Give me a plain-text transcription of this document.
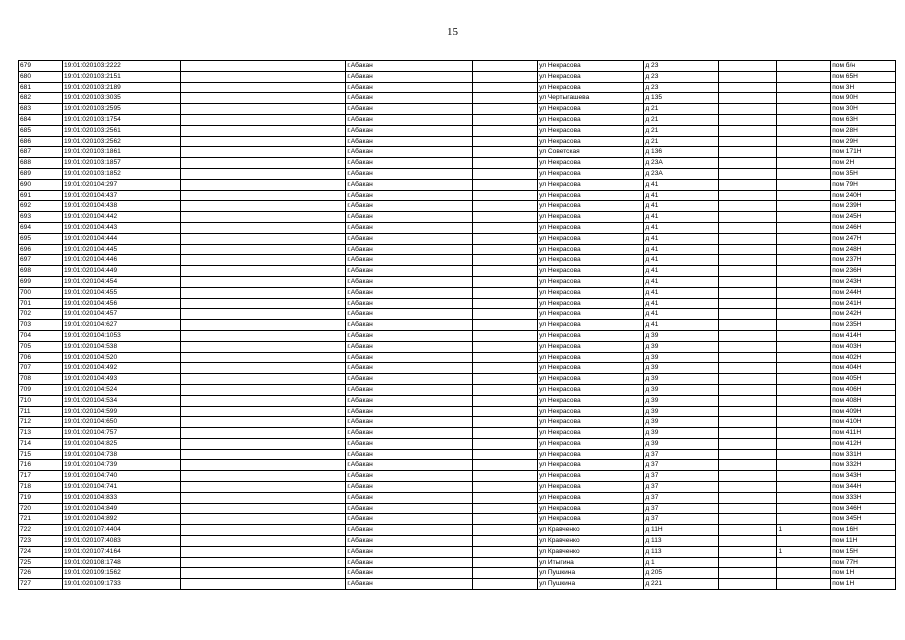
15
679	19:01:020103:2222		г.Абакан		ул Некрасова	д 23			пом б/н
680	19:01:020103:2151		г.Абакан		ул Некрасова	д 23			пом 65Н
681	19:01:020103:2189		г.Абакан		ул Некрасова	д 23			пом 3Н
682	19:01:020103:3035		г.Абакан		ул Чертыгашева	д 135			пом 90Н
683	19:01:020103:2595		г.Абакан		ул Некрасова	д 21			пом 30Н
684	19:01:020103:1754		г.Абакан		ул Некрасова	д 21			пом 63Н
685	19:01:020103:2561		г.Абакан		ул Некрасова	д 21			пом 28Н
686	19:01:020103:2562		г.Абакан		ул Некрасова	д 21			пом 29Н
687	19:01:020103:1861		г.Абакан		ул Советская	д 136			пом 171Н
688	19:01:020103:1857		г.Абакан		ул Некрасова	д 23А			пом 2Н
689	19:01:020103:1852		г.Абакан		ул Некрасова	д 23А			пом 35Н
690	19:01:020104:297		г.Абакан		ул Некрасова	д 41			пом 79Н
691	19:01:020104:437		г.Абакан		ул Некрасова	д 41			пом 240Н
692	19:01:020104:438		г.Абакан		ул Некрасова	д 41			пом 239Н
693	19:01:020104:442		г.Абакан		ул Некрасова	д 41			пом 245Н
694	19:01:020104:443		г.Абакан		ул Некрасова	д 41			пом 246Н
695	19:01:020104:444		г.Абакан		ул Некрасова	д 41			пом 247Н
696	19:01:020104:445		г.Абакан		ул Некрасова	д 41			пом 248Н
697	19:01:020104:446		г.Абакан		ул Некрасова	д 41			пом 237Н
698	19:01:020104:449		г.Абакан		ул Некрасова	д 41			пом 236Н
699	19:01:020104:454		г.Абакан		ул Некрасова	д 41			пом 243Н
700	19:01:020104:455		г.Абакан		ул Некрасова	д 41			пом 244Н
701	19:01:020104:456		г.Абакан		ул Некрасова	д 41			пом 241Н
702	19:01:020104:457		г.Абакан		ул Некрасова	д 41			пом 242Н
703	19:01:020104:627		г.Абакан		ул Некрасова	д 41			пом 235Н
704	19:01:020104:1053		г.Абакан		ул Некрасова	д 39			пом 414Н
705	19:01:020104:538		г.Абакан		ул Некрасова	д 39			пом 403Н
706	19:01:020104:520		г.Абакан		ул Некрасова	д 39			пом 402Н
707	19:01:020104:492		г.Абакан		ул Некрасова	д 39			пом 404Н
708	19:01:020104:493		г.Абакан		ул Некрасова	д 39			пом 405Н
709	19:01:020104:524		г.Абакан		ул Некрасова	д 39			пом 406Н
710	19:01:020104:534		г.Абакан		ул Некрасова	д 39			пом 408Н
711	19:01:020104:599		г.Абакан		ул Некрасова	д 39			пом 409Н
712	19:01:020104:650		г.Абакан		ул Некрасова	д 39			пом 410Н
713	19:01:020104:757		г.Абакан		ул Некрасова	д 39			пом 411Н
714	19:01:020104:825		г.Абакан		ул Некрасова	д 39			пом 412Н
715	19:01:020104:738		г.Абакан		ул Некрасова	д 37			пом 331Н
716	19:01:020104:739		г.Абакан		ул Некрасова	д 37			пом 332Н
717	19:01:020104:740		г.Абакан		ул Некрасова	д 37			пом 343Н
718	19:01:020104:741		г.Абакан		ул Некрасова	д 37			пом 344Н
719	19:01:020104:833		г.Абакан		ул Некрасова	д 37			пом 333Н
720	19:01:020104:849		г.Абакан		ул Некрасова	д 37			пом 346Н
721	19:01:020104:892		г.Абакан		ул Некрасова	д 37			пом 345Н
722	19:01:020107:4404		г.Абакан		ул Кравченко	д 11Н		1	пом 16Н
723	19:01:020107:4083		г.Абакан		ул Кравченко	д 113			пом 11Н
724	19:01:020107:4164		г.Абакан		ул Кравченко	д 113		1	пом 15Н
725	19:01:020108:1748		г.Абакан		ул Итыгина	д 1			пом 77Н
726	19:01:020109:1562		г.Абакан		ул Пушкина	д 205			пом 1Н
727	19:01:020109:1733		г.Абакан		ул Пушкина	д 221			пом 1Н
